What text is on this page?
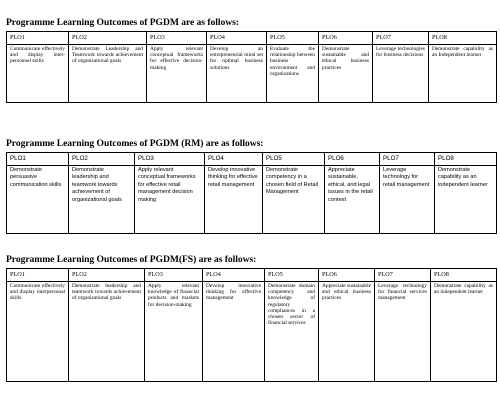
Programme Learning Outcomes of PGDM are as follows:

PLO1	PLO2	PLO3	PLO4	PLO5	PLO6	PLO7	PLO8
Communicate effectively and display inter-personnel skills	Demonstrate Leadership and Teamwork towards achievement of organizational goals	Apply relevant conceptual frameworks for effective decision-making	Develop an entrepreneurial mind set for optimal business solutions	Evaluate the relationship between business environment and organizations	Demonstrate sustainable and ethical business practices	Leverage technologies for business decisions	Demonstrate capability as an Independent learner

Programme Learning Outcomes of PGDM (RM) are as follows:

PLO1	PLO2	PLO3	PLO4	PLO5	PLO6	PLO7	PLO8
Demonstrate persuasive communication skills	Demonstrate leadership and teamwork towards achievement of organizational goals	Apply relevant conceptual frameworks for effective retail management decision making	Develop innovative thinking for effective retail management	Demonstrate competency in a chosen field of Retail Management	Appreciate sustainable, ethical, and legal issues in the retail context	Leverage technology for retail management	Demonstrate capability as an independent learner

Programme Learning Outcomes of PGDM(FS) are as follows:

PLO1	PLO2	PLO3	PLO4	PLO5	PLO6	PLO7	PLO8
Communicate effectively and display interpersonal skills	Demonstrate leadership and teamwork towards achievement of organizational goals	Apply relevant knowledge of financial products and markets for decision-making	Develop innovative thinking for effective management	Demonstrate domain competency and knowledge of regulatory compliances in a chosen sector of financial services	Appreciate sustainable and ethical business practices	Leverage technology for financial services management	Demonstrate capability as an independent learner
